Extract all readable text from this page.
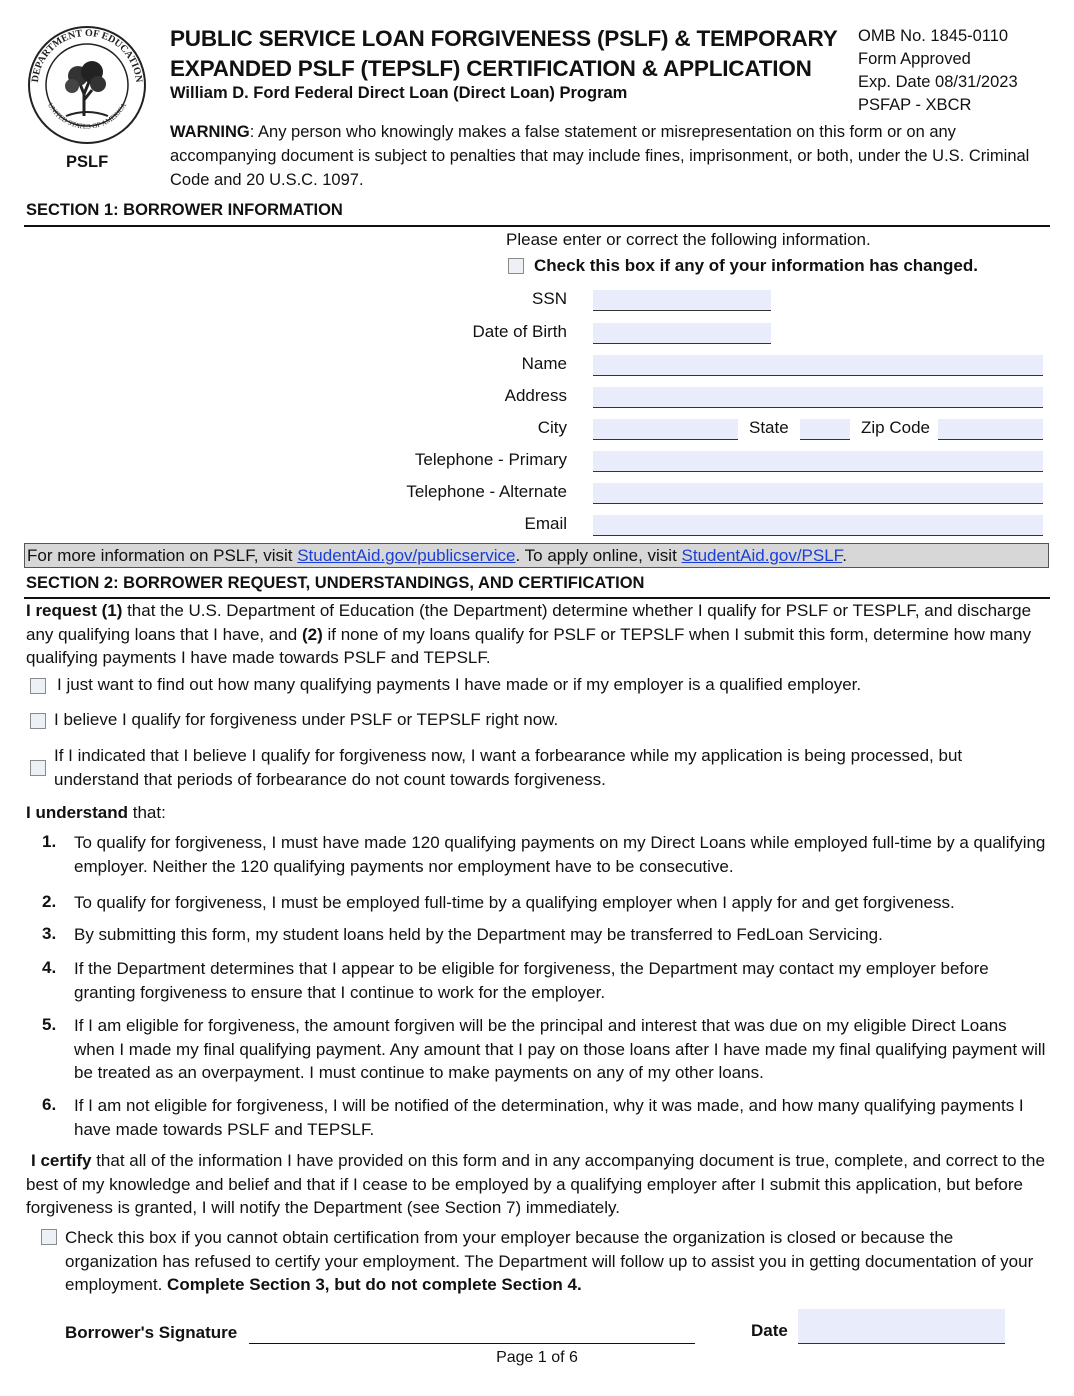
DEPARTMENT OF EDUCATION
UNITED STATES OF AMERICA
PSLF
PUBLIC SERVICE LOAN FORGIVENESS (PSLF) & TEMPORARY
EXPANDED PSLF (TEPSLF) CERTIFICATION & APPLICATION
William D. Ford Federal Direct Loan (Direct Loan) Program
OMB No. 1845-0110
Form Approved
Exp. Date 08/31/2023
PSFAP - XBCR
WARNING: Any person who knowingly makes a false statement or misrepresentation on this form or on any accompanying document is subject to penalties that may include fines, imprisonment, or both, under the U.S. Criminal Code and 20 U.S.C. 1097.
SECTION 1: BORROWER INFORMATION
Please enter or correct the following information.
Check this box if any of your information has changed.
SSN
Date of Birth
Name
Address
City	State	Zip Code
Telephone - Primary
Telephone - Alternate
Email
For more information on PSLF, visit StudentAid.gov/publicservice. To apply online, visit StudentAid.gov/PSLF.
SECTION 2: BORROWER REQUEST, UNDERSTANDINGS, AND CERTIFICATION
I request (1) that the U.S. Department of Education (the Department) determine whether I qualify for PSLF or TESPLF, and discharge any qualifying loans that I have, and (2) if none of my loans qualify for PSLF or TEPSLF when I submit this form, determine how many qualifying payments I have made towards PSLF and TEPSLF.
I just want to find out how many qualifying payments I have made or if my employer is a qualified employer.
I believe I qualify for forgiveness under PSLF or TEPSLF right now.
If I indicated that I believe I qualify for forgiveness now, I want a forbearance while my application is being processed, but understand that periods of forbearance do not count towards forgiveness.
I understand that:
1. To qualify for forgiveness, I must have made 120 qualifying payments on my Direct Loans while employed full-time by a qualifying employer. Neither the 120 qualifying payments nor employment have to be consecutive.
2. To qualify for forgiveness, I must be employed full-time by a qualifying employer when I apply for and get forgiveness.
3. By submitting this form, my student loans held by the Department may be transferred to FedLoan Servicing.
4. If the Department determines that I appear to be eligible for forgiveness, the Department may contact my employer before granting forgiveness to ensure that I continue to work for the employer.
5. If I am eligible for forgiveness, the amount forgiven will be the principal and interest that was due on my eligible Direct Loans when I made my final qualifying payment. Any amount that I pay on those loans after I have made my final qualifying payment will be treated as an overpayment. I must continue to make payments on any of my other loans.
6. If I am not eligible for forgiveness, I will be notified of the determination, why it was made, and how many qualifying payments I have made towards PSLF and TEPSLF.
I certify that all of the information I have provided on this form and in any accompanying document is true, complete, and correct to the best of my knowledge and belief and that if I cease to be employed by a qualifying employer after I submit this application, but before forgiveness is granted, I will notify the Department (see Section 7) immediately.
Check this box if you cannot obtain certification from your employer because the organization is closed or because the organization has refused to certify your employment. The Department will follow up to assist you in getting documentation of your employment. Complete Section 3, but do not complete Section 4.
Borrower's Signature	Date
Page 1 of 6
